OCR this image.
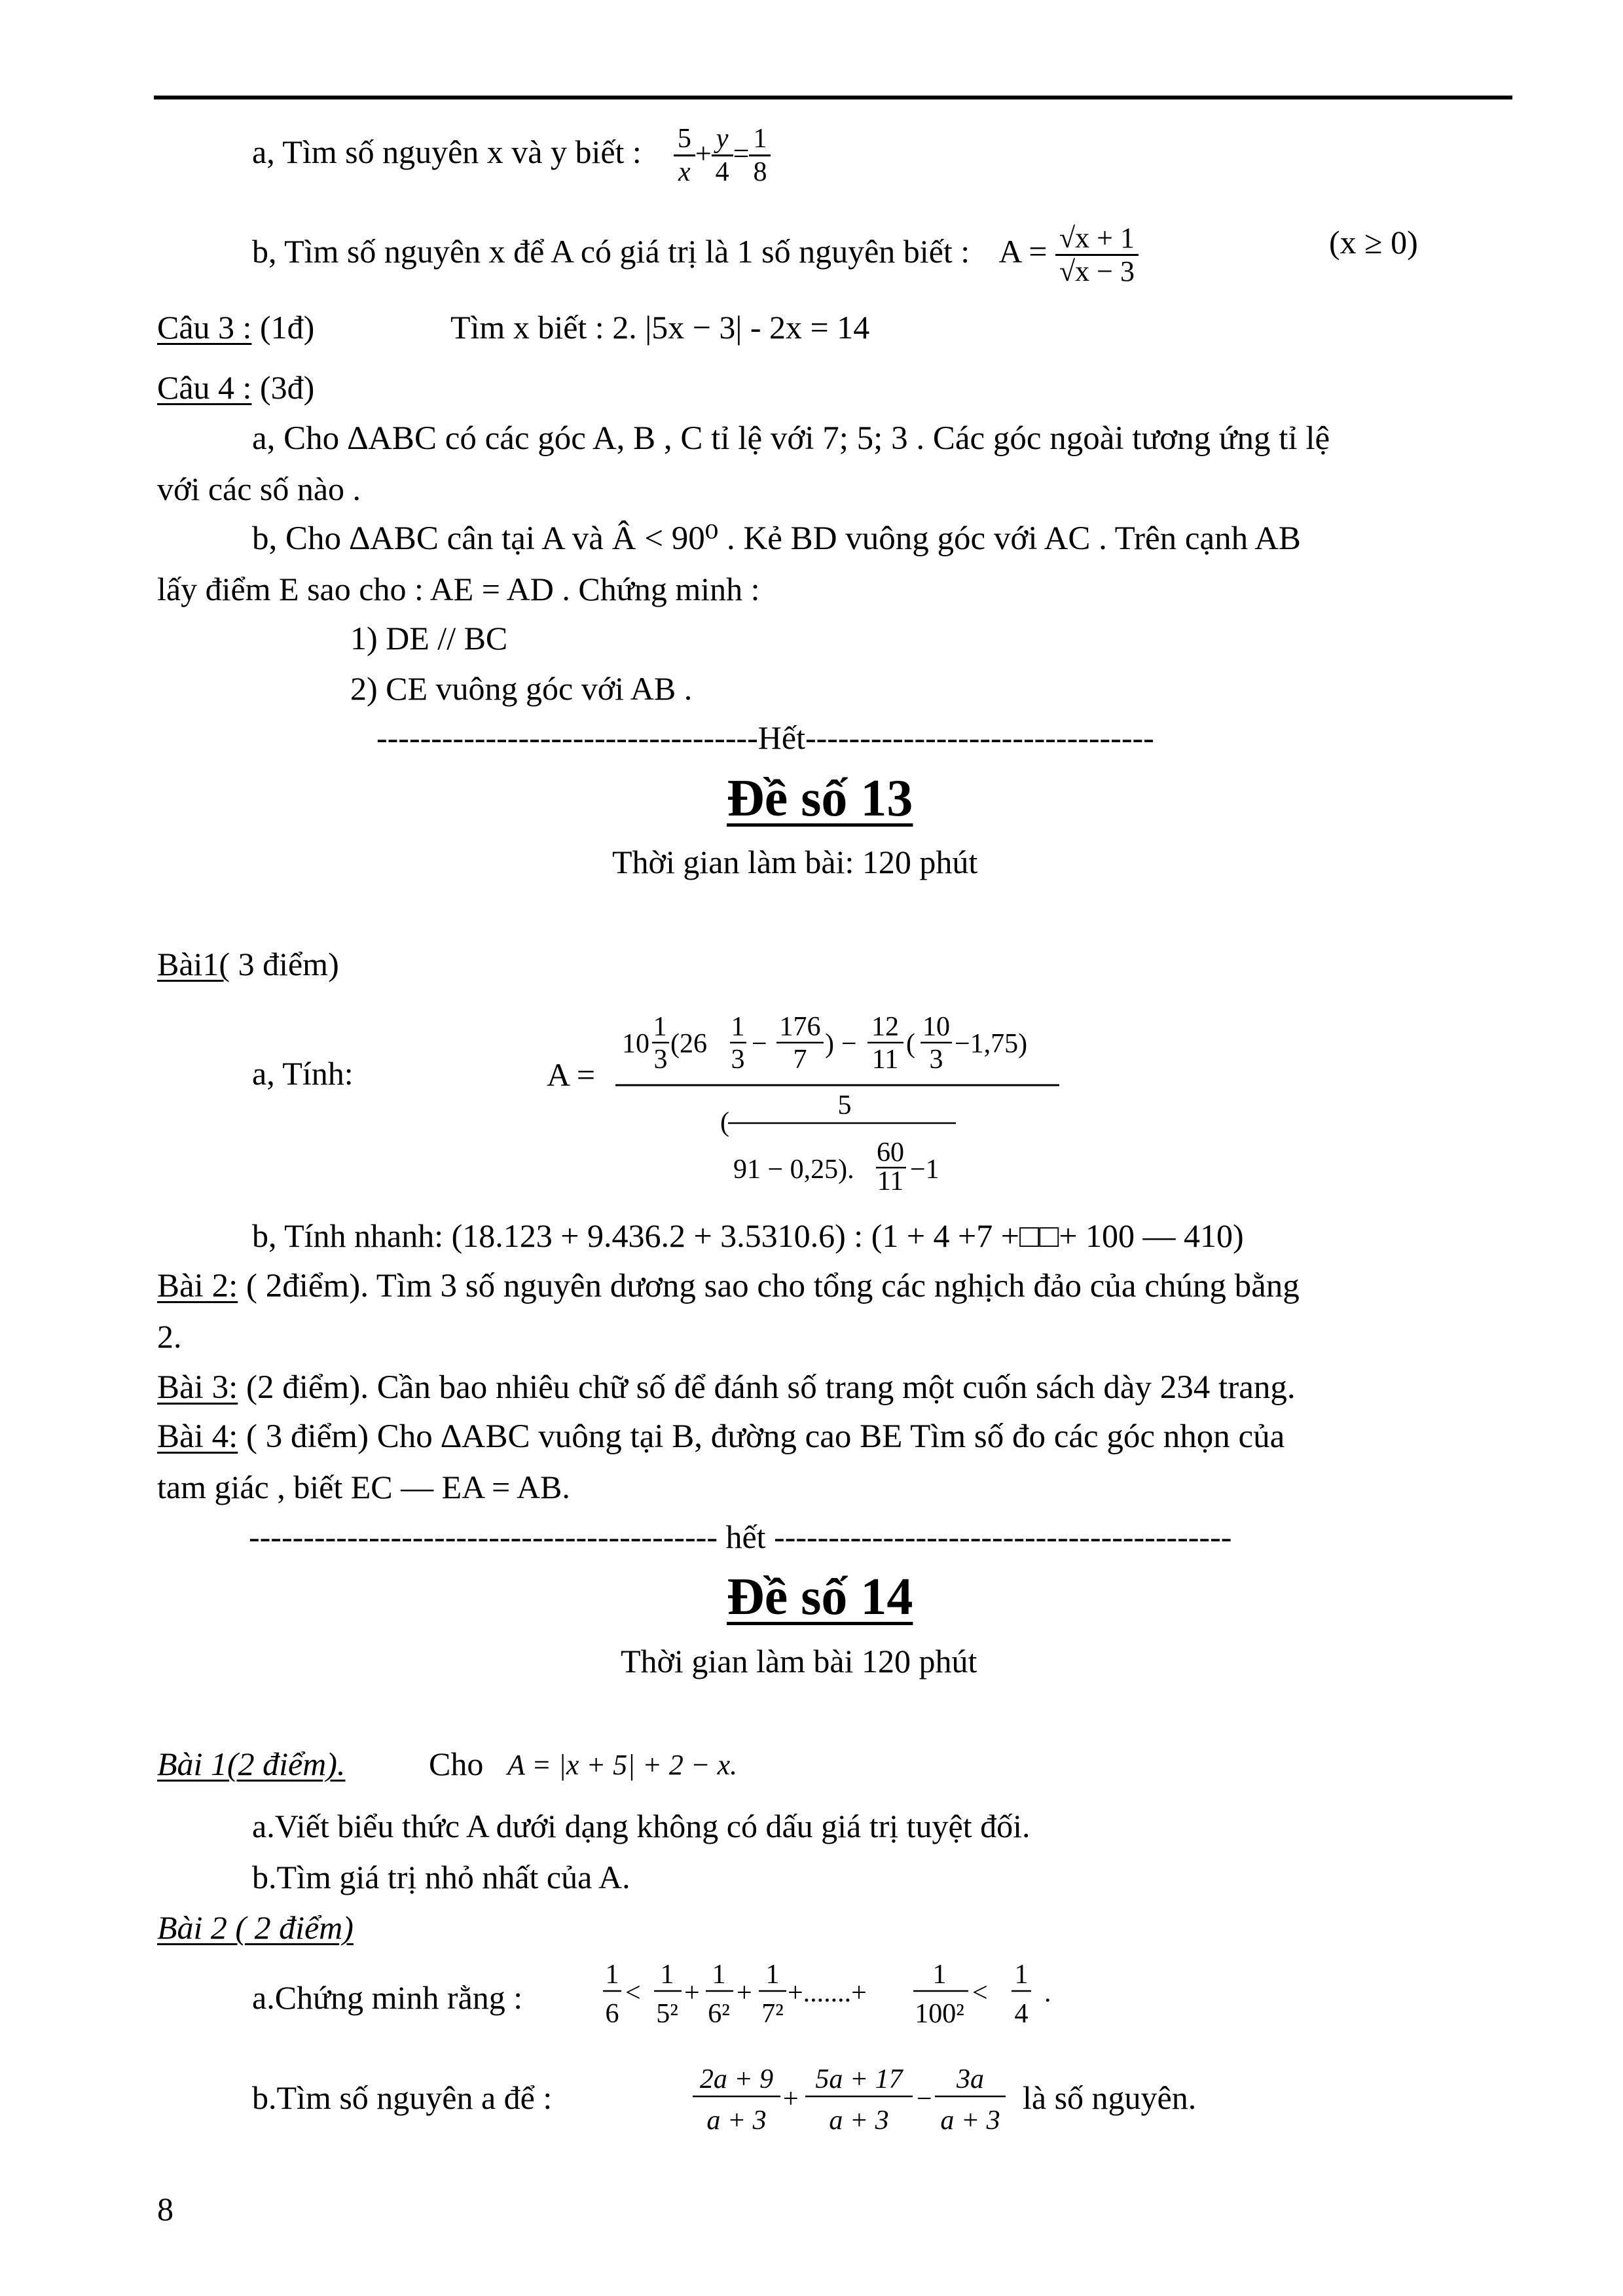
a, Tìm số nguyên x và y biết : $\frac{5}{x} + \frac{y}{4} = \frac{1}{8}$
b, Tìm số nguyên x để A có giá trị là 1 số nguyên biết : $A = \frac{√x + 1}{√x - 3}$	(x ≥ 0)
Câu 3 : (1đ)	Tìm x biết : 2. |5x − 3| - 2x = 14
Câu 4 : (3đ)
a, Cho ∆ABC có các góc A, B , C tỉ lệ với 7; 5; 3 . Các góc ngoài tương ứng tỉ lệ
với các số nào .
b, Cho ∆ABC cân tại A và Â < 90⁰ . Kẻ BD vuông góc với AC . Trên cạnh AB
lấy điểm E sao cho : AE = AD . Chứng minh :
1) DE // BC
2) CE vuông góc với AB .
-----------------------------------Hết--------------------------------
Đề số 13
Thời gian làm bài: 120 phút
Bài1( 3 điểm)
a, Tính:	A =
10
1
3
(26
1
3
−
176
7
) −
12
11
(
10
3
−1,75)
(
5
91 − 0,25).
60
11 −1
b, Tính nhanh: (18.123 + 9.436.2 + 3.5310.6) : (1 + 4 +7 +□□+ 100 — 410)
Bài 2: ( 2điểm). Tìm 3 số nguyên dương sao cho tổng các nghịch đảo của chúng bằng
2.
Bài 3: (2 điểm). Cần bao nhiêu chữ số để đánh số trang một cuốn sách dày 234 trang.
Bài 4: ( 3 điểm) Cho ∆ABC vuông tại B, đường cao BE Tìm số đo các góc nhọn của
tam giác , biết EC — EA = AB.
------------------------------------------- hết ------------------------------------------
Đề số 14
Thời gian làm bài 120 phút
Bài 1(2 điểm).	Cho A = |x + 5| + 2 − x.
a.Viết biểu thức A dưới dạng không có dấu giá trị tuyệt đối.
b.Tìm giá trị nhỏ nhất của A.
Bài 2 ( 2 điểm)
a.Chứng minh rằng :
1
6
<
1
5²
+
1
6²
+
1
7²
+.......+
1
100²
<
1
4
.
b.Tìm số nguyên a để :	2a + 9
a + 3
+
5a + 17
a + 3
−
3a
a + 3
là số nguyên.
8
